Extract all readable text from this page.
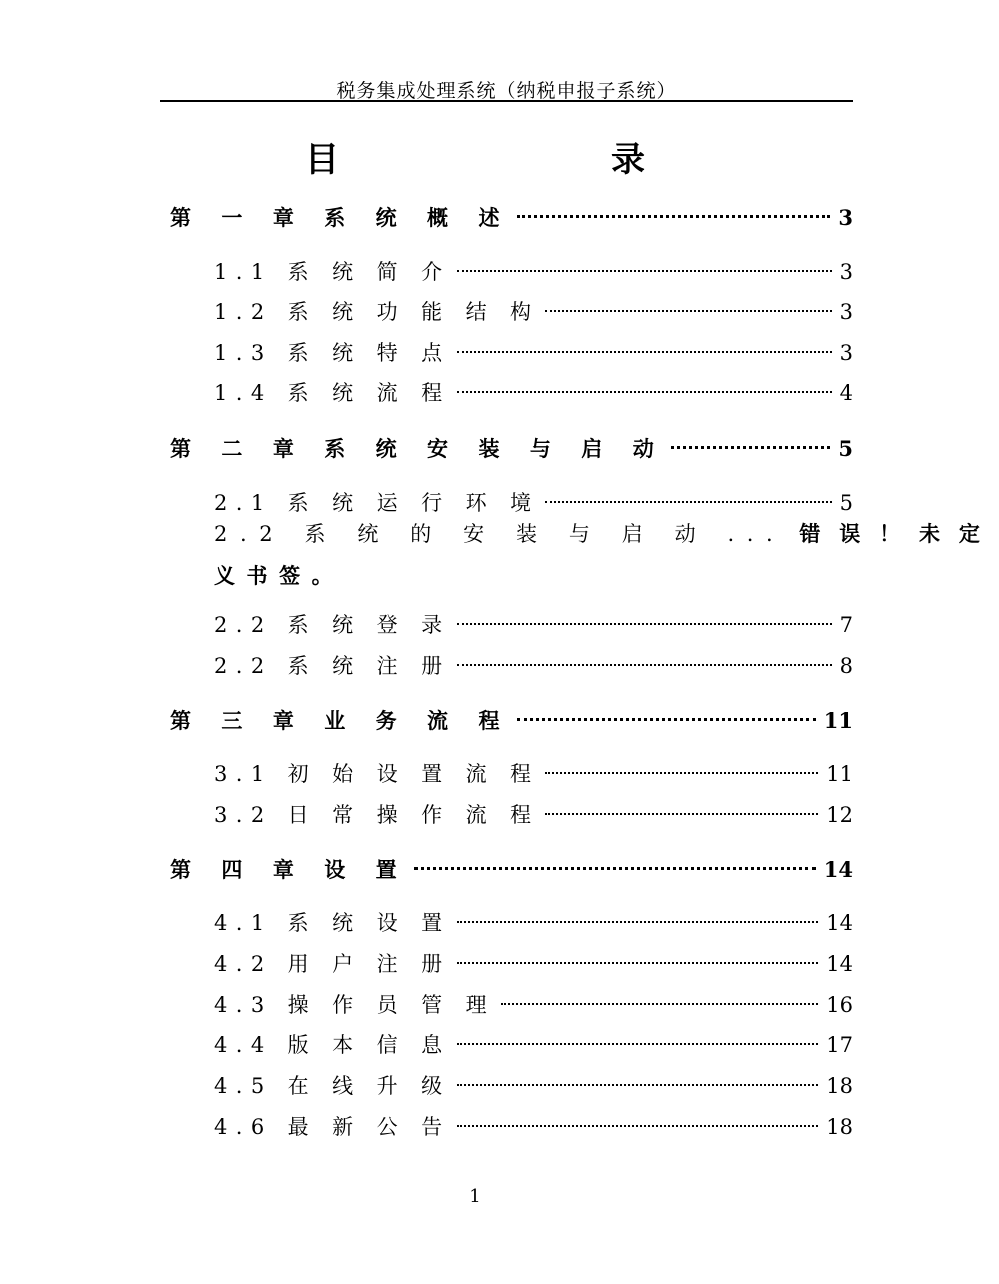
税务集成处理系统（纳税申报子系统）
目	录
第 一 章 系 统 概 述	3
1.1 系 统 简 介	3
1.2 系 统 功 能 结 构	3
1.3 系 统 特 点	3
1.4 系 统 流 程	4
第 二 章 系 统 安 装 与 启 动	5
2.1 系 统 运 行 环 境	5
2.2 系 统 的 安 装 与 启 动 ... 错误！未定
义书签。
2.2 系 统 登 录	7
2.2 系 统 注 册	8
第 三 章 业 务 流 程	11
3.1 初 始 设 置 流 程	11
3.2 日 常 操 作 流 程	12
第 四 章 设 置	14
4.1 系 统 设 置	14
4.2 用 户 注 册	14
4.3 操 作 员 管 理	16
4.4 版 本 信 息	17
4.5 在 线 升 级	18
4.6 最 新 公 告	18
1
